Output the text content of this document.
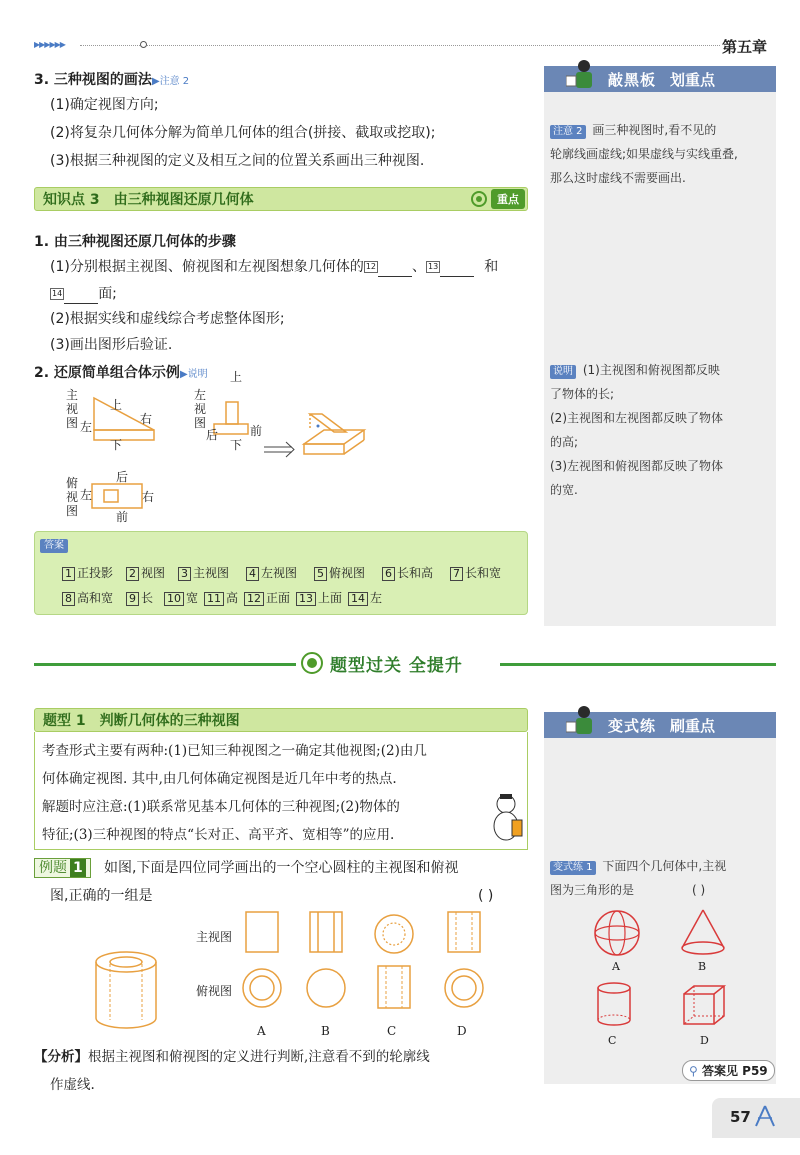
▶▶▶▶▶▶	第五章
3. 三种视图的画法▶注意 2
(1)确定视图方向;
(2)将复杂几何体分解为简单几何体的组合(拼接、截取或挖取);
(3)根据三种视图的定义及相互之间的位置关系画出三种视图.
知识点 3 由三种视图还原几何体	重点
1. 由三种视图还原几何体的步骤
(1)分别根据主视图、俯视图和左视图想象几何体的 12	、 13	和
14	面;
(2)根据实线和虚线综合考虑整体图形;
(3)画出图形后验证.
2. 还原简单组合体示例▶说明
主
视
图
上
右
左
下
左
视
图
上
前
后
下
俯
视
图
后
左	右
前
答案
1 正投影 2 视图 3 主视图 4 左视图 5 俯视图 6 长和高 7 长和宽
8 高和宽 9 长 10 宽 11 高 12 正面 13 上面 14 左
敲黑板 划重点
注意 2 画三种视图时,看不见的
轮廓线画虚线;如果虚线与实线重叠,
那么这时虚线不需要画出.
说明 (1)主视图和俯视图都反映
了物体的长;
(2)主视图和左视图都反映了物体
的高;
(3)左视图和俯视图都反映了物体
的宽.
题型过关 全提升
题型 1 判断几何体的三种视图
考查形式主要有两种:(1)已知三种视图之一确定其他视图;(2)由几
何体确定视图. 其中,由几何体确定视图是近几年中考的热点.
解题时应注意:(1)联系常见基本几何体的三种视图;(2)物体的
特征;(3)三种视图的特点“长对正、高平齐、宽相等”的应用.
例题 1	如图,下面是四位同学画出的一个空心圆柱的主视图和俯视
图,正确的一组是	( )
主视图
俯视图
A	B	C	D
【分析】根据主视图和俯视图的定义进行判断,注意看不到的轮廓线
作虚线.
变式练 刷重点
变式练 1 下面四个几何体中,主视
图为三角形的是	( )
A	B
C	D
⚲ 答案见 P59
57
